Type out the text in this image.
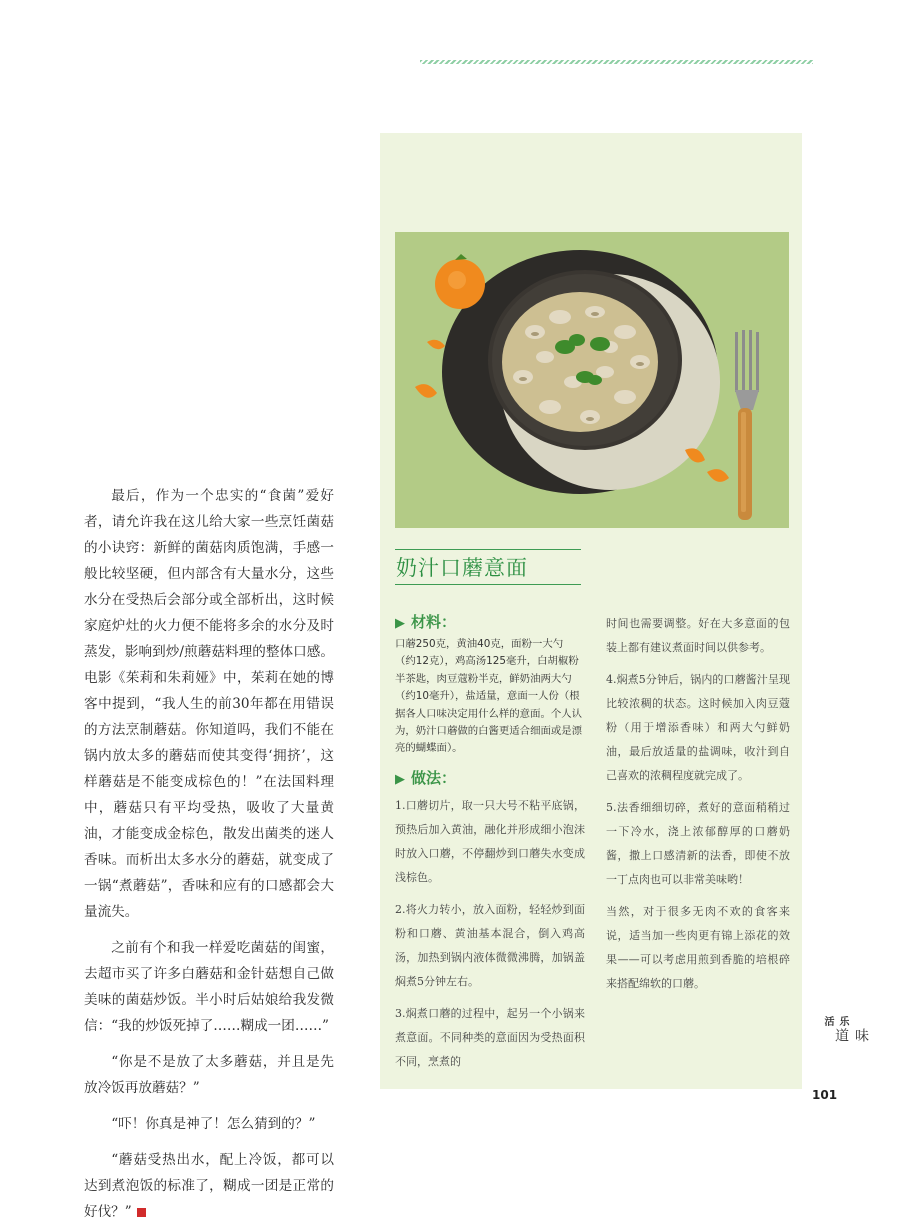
最后，作为一个忠实的“食菌”爱好者，请允许我在这儿给大家一些烹饪菌菇的小诀窍：新鲜的菌菇肉质饱满，手感一般比较坚硬，但内部含有大量水分，这些水分在受热后会部分或全部析出，这时候家庭炉灶的火力便不能将多余的水分及时蒸发，影响到炒/煎蘑菇料理的整体口感。电影《茱莉和朱莉娅》中，茱莉在她的博客中提到，“我人生的前30年都在用错误的方法烹制蘑菇。你知道吗，我们不能在锅内放太多的蘑菇而使其变得‘拥挤’，这样蘑菇是不能变成棕色的！”在法国料理中，蘑菇只有平均受热，吸收了大量黄油，才能变成金棕色，散发出菌类的迷人香味。而析出太多水分的蘑菇，就变成了一锅“煮蘑菇”，香味和应有的口感都会大量流失。

之前有个和我一样爱吃菌菇的闺蜜，去超市买了许多白蘑菇和金针菇想自己做美味的菌菇炒饭。半小时后姑娘给我发微信：“我的炒饭死掉了……糊成一团……”

“你是不是放了太多蘑菇，并且是先放冷饭再放蘑菇？”

“吓！你真是神了！怎么猜到的？”

“蘑菇受热出水，配上冷饭，都可以达到煮泡饭的标准了，糊成一团是正常的好伐？”

奶汁口蘑意面
▶ 材料：
口蘑250克，黄油40克，面粉一大勺（约12克），鸡高汤125毫升，白胡椒粉半茶匙，肉豆蔻粉半克，鲜奶油两大勺（约10毫升），盐适量，意面一人份（根据各人口味决定用什么样的意面。个人认为，奶汁口蘑做的白酱更适合细面或是漂亮的蝴蝶面）。
▶ 做法：

1.口蘑切片，取一只大号不粘平底锅，预热后加入黄油，融化并形成细小泡沫时放入口蘑，不停翻炒到口蘑失水变成浅棕色。

2.将火力转小，放入面粉，轻轻炒到面粉和口蘑、黄油基本混合，倒入鸡高汤，加热到锅内液体微微沸腾，加锅盖焖煮5分钟左右。

3.焖煮口蘑的过程中，起另一个小锅来煮意面。不同种类的意面因为受热面积不同，烹煮的

时间也需要调整。好在大多意面的包装上都有建议煮面时间以供参考。

4.焖煮5分钟后，锅内的口蘑酱汁呈现比较浓稠的状态。这时候加入肉豆蔻粉（用于增添香味）和两大勺鲜奶油，最后放适量的盐调味，收汁到自己喜欢的浓稠程度就完成了。

5.法香细细切碎，煮好的意面稍稍过一下冷水，浇上浓郁醇厚的口蘑奶酱，撒上口感清新的法香，即使不放一丁点肉也可以非常美味哟！

当然，对于很多无肉不欢的食客来说，适当加一些肉更有锦上添花的效果——可以考虑用煎到香脆的培根碎来搭配绵软的口蘑。

乐活
味道
101
